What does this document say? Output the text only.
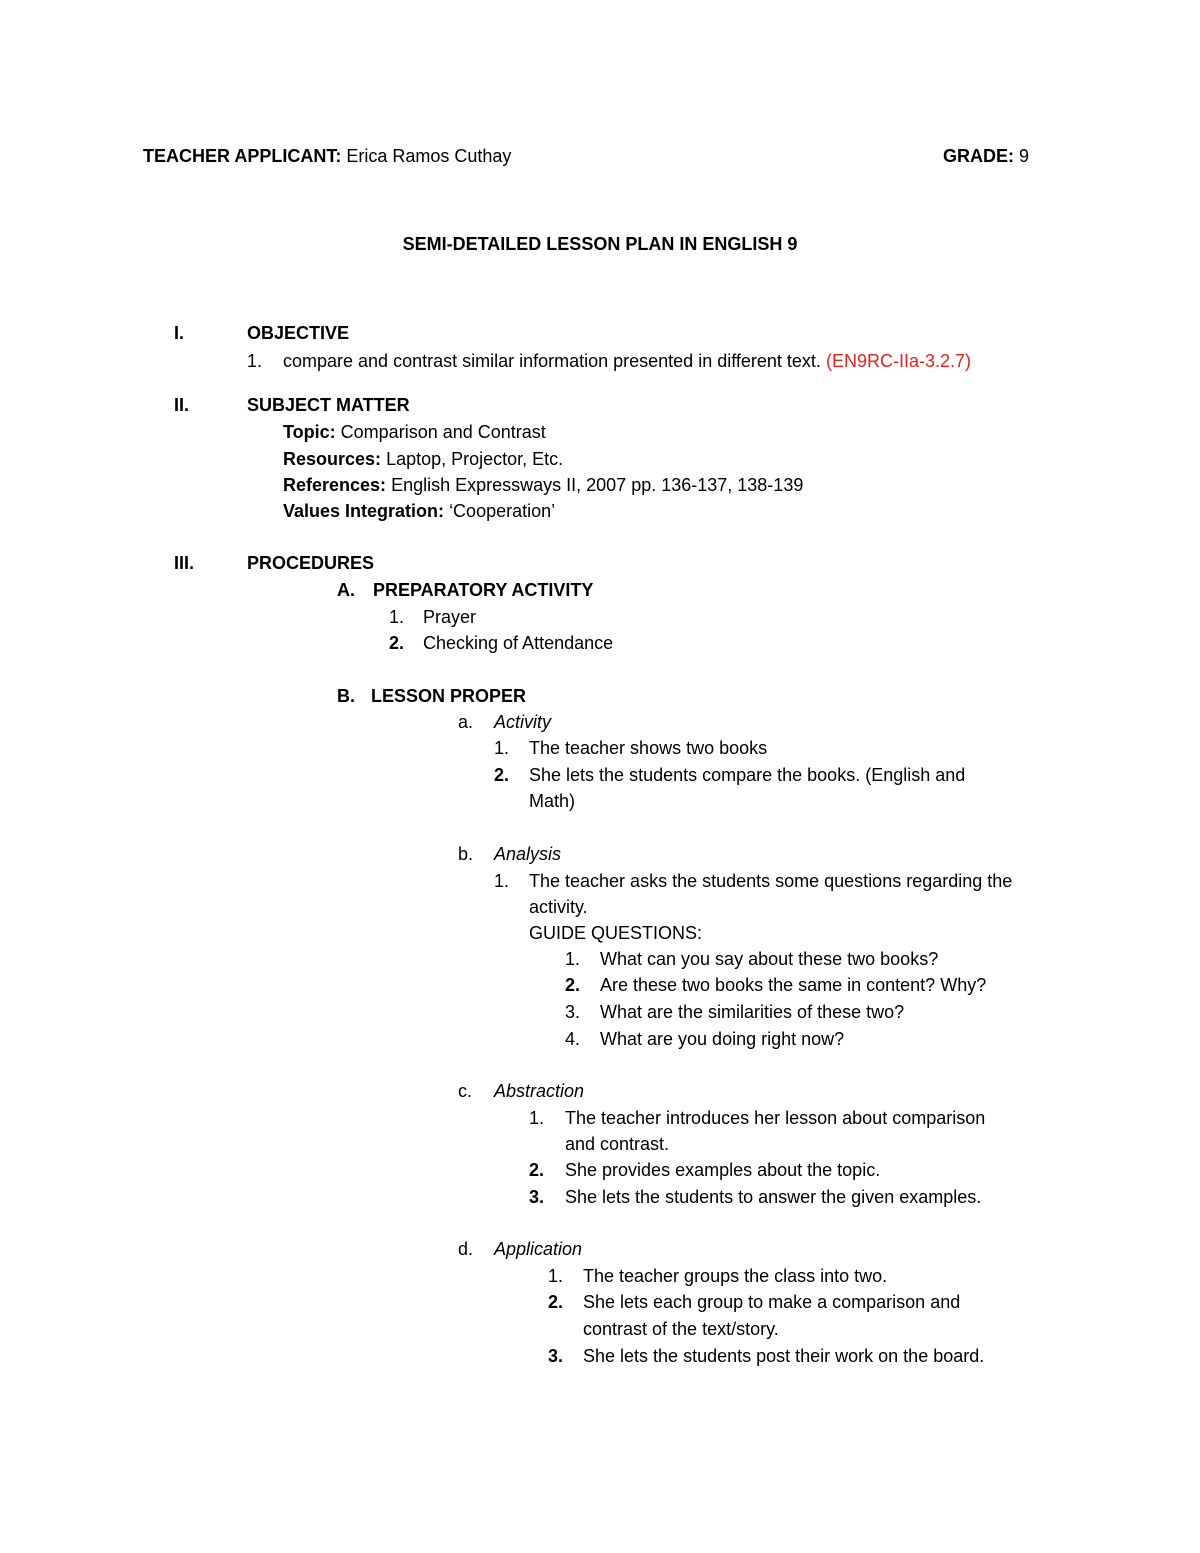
TEACHER APPLICANT: Erica Ramos Cuthay	GRADE: 9
SEMI-DETAILED LESSON PLAN IN ENGLISH 9
I.	OBJECTIVE
1. compare and contrast similar information presented in different text. (EN9RC-IIa-3.2.7)
II.	SUBJECT MATTER
Topic: Comparison and Contrast
Resources: Laptop, Projector, Etc.
References: English Expressways II, 2007 pp. 136-137, 138-139
Values Integration: ‘Cooperation’
III.	PROCEDURES
A. PREPARATORY ACTIVITY
1. Prayer
2. Checking of Attendance
B. LESSON PROPER
a. Activity
1. The teacher shows two books
2. She lets the students compare the books. (English and
Math)
b. Analysis
1. The teacher asks the students some questions regarding the
activity.
GUIDE QUESTIONS:
1. What can you say about these two books?
2. Are these two books the same in content? Why?
3. What are the similarities of these two?
4. What are you doing right now?
c. Abstraction
1. The teacher introduces her lesson about comparison
and contrast.
2. She provides examples about the topic.
3. She lets the students to answer the given examples.
d. Application
1. The teacher groups the class into two.
2. She lets each group to make a comparison and
contrast of the text/story.
3. She lets the students post their work on the board.
